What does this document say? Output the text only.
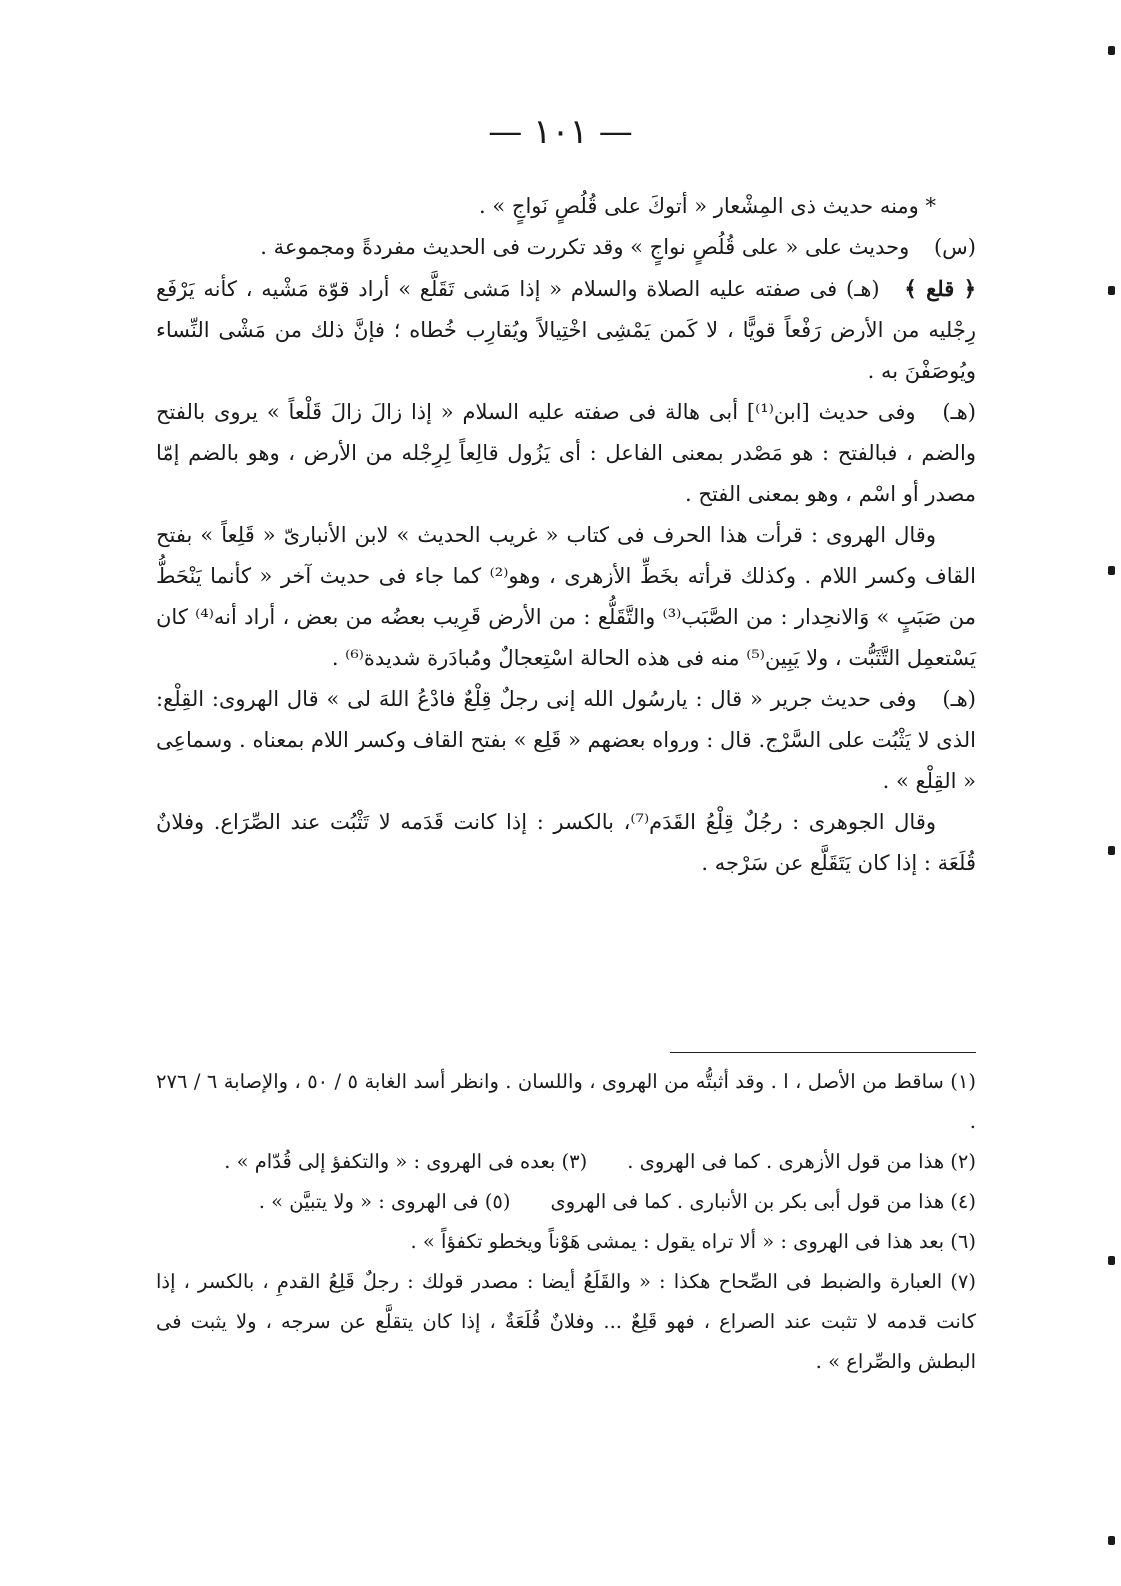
— ١٠١ —

* ومنه حديث ذى المِشْعار « أتوكَ على قُلُصٍ نَواجٍ » .

(س) وحديث على « على قُلُصٍ نواجٍ » وقد تكررت فى الحديث مفردةً ومجموعة .

﴿ قلع ﴾ (هـ) فى صفته عليه الصلاة والسلام « إذا مَشى تَقَلَّع » أراد قوّة مَشْيه ، كأنه يَرْفَع رِجْليه من الأرض رَفْعاً قويًّا ، لا كَمن يَمْشِى اخْتِيالاً ويُقارِب خُطاه ؛ فإنَّ ذلك من مَشْى النِّساء ويُوصَفْنَ به .

(هـ) وفى حديث [ابن⁽¹⁾] أبى هالة فى صفته عليه السلام « إذا زالَ زالَ قَلْعاً » يروى بالفتح والضم ، فبالفتح : هو مَصْدر بمعنى الفاعل : أى يَزُول قالِعاً لِرِجْله من الأرض ، وهو بالضم إمّا مصدر أو اسْم ، وهو بمعنى الفتح .

وقال الهروى : قرأت هذا الحرف فى كتاب « غريب الحديث » لابن الأنبارىّ « قَلِعاً » بفتح القاف وكسر اللام . وكذلك قرأته بخَطِّ الأزهرى ، وهو⁽²⁾ كما جاء فى حديث آخر « كأنما يَنْحَطُّ من صَبَبٍ » وَالانحِدار : من الصَّبَب⁽³⁾ والتَّقَلُّع : من الأرض قَرِيب بعضُه من بعض ، أراد أنه⁽⁴⁾ كان يَسْتعمِل التَّثَبُّت ، ولا يَبِين⁽⁵⁾ منه فى هذه الحالة اسْتِعجالٌ ومُبادَرة شديدة⁽⁶⁾ .

(هـ) وفى حديث جرير « قال : يارسُول الله إنى رجلٌ قِلْعٌ فادْعُ اللهَ لى » قال الهروى: القِلْع: الذى لا يَثْبُت على السَّرْج. قال : ورواه بعضهم « قَلِع » بفتح القاف وكسر اللام بمعناه . وسماعِى « القِلْع » .

وقال الجوهرى : رجُلٌ قِلْعُ القَدَم⁽⁷⁾، بالكسر : إذا كانت قَدَمه لا تَثْبُت عند الصِّرَاع. وفلانٌ قُلَعَة : إذا كان يَتَقَلَّع عن سَرْجه .

(١) ساقط من الأصل ، ا . وقد أثبتُّه من الهروى ، واللسان . وانظر أسد الغابة ٥ / ٥٠ ، والإصابة ٦ / ٢٧٦ .

(٢) هذا من قول الأزهرى . كما فى الهروى .
(٣) بعده فى الهروى : « والتكفؤ إلى قُدّام » .
(٤) هذا من قول أبى بكر بن الأنبارى . كما فى الهروى
(٥) فى الهروى : « ولا يتبيَّن » .

(٦) بعد هذا فى الهروى : « ألا تراه يقول : يمشى هَوْناً ويخطو تكفؤاً » .

(٧) العبارة والضبط فى الصِّحاح هكذا : « والقَلَعُ أيضا : مصدر قولك : رجلٌ قَلِعُ القدمِ ، بالكسر ، إذا كانت قدمه لا تثبت عند الصراع ، فهو قَلِعٌ ... وفلانٌ قُلَعَةٌ ، إذا كان يتقلَّع عن سرجه ، ولا يثبت فى البطش والصِّراع » .
